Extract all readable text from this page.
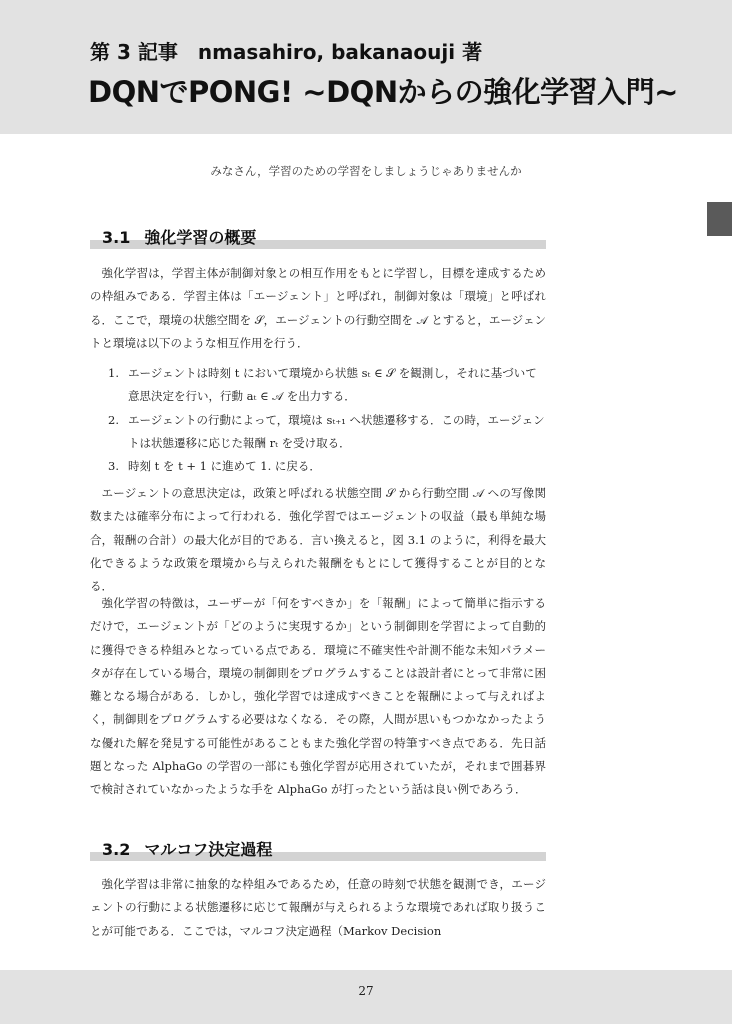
第 3 記事　nmasahiro, bakanaouji 著
DQNでPONG! ~DQNからの強化学習入門~
みなさん，学習のための学習をしましょうじゃありませんか
3.1 強化学習の概要

強化学習は，学習主体が制御対象との相互作用をもとに学習し，目標を達成するための枠組みである．学習主体は「エージェント」と呼ばれ，制御対象は「環境」と呼ばれる．ここで，環境の状態空間を 𝒮，エージェントの行動空間を 𝒜 とすると，エージェントと環境は以下のような相互作用を行う．

1. エージェントは時刻 t において環境から状態 sₜ ∈ 𝒮 を観測し，それに基づいて意思決定を行い，行動 aₜ ∈ 𝒜 を出力する．
2. エージェントの行動によって，環境は sₜ₊₁ へ状態遷移する．この時，エージェントは状態遷移に応じた報酬 rₜ を受け取る．
3. 時刻 t を t + 1 に進めて 1. に戻る．

エージェントの意思決定は，政策と呼ばれる状態空間 𝒮 から行動空間 𝒜 への写像関数または確率分布によって行われる．強化学習ではエージェントの収益（最も単純な場合，報酬の合計）の最大化が目的である．言い換えると，図 3.1 のように，利得を最大化できるような政策を環境から与えられた報酬をもとにして獲得することが目的となる．

強化学習の特徴は，ユーザーが「何をすべきか」を「報酬」によって簡単に指示するだけで，エージェントが「どのように実現するか」という制御則を学習によって自動的に獲得できる枠組みとなっている点である．環境に不確実性や計測不能な未知パラメータが存在している場合，環境の制御則をプログラムすることは設計者にとって非常に困難となる場合がある．しかし，強化学習では達成すべきことを報酬によって与えればよく，制御則をプログラムする必要はなくなる．その際，人間が思いもつかなかったような優れた解を発見する可能性があることもまた強化学習の特筆すべき点である．先日話題となった AlphaGo の学習の一部にも強化学習が応用されていたが，それまで囲碁界で検討されていなかったような手を AlphaGo が打ったという話は良い例であろう．

3.2 マルコフ決定過程

強化学習は非常に抽象的な枠組みであるため，任意の時刻で状態を観測でき，エージェントの行動による状態遷移に応じて報酬が与えられるような環境であれば取り扱うことが可能である．ここでは，マルコフ決定過程（Markov Decision

27
